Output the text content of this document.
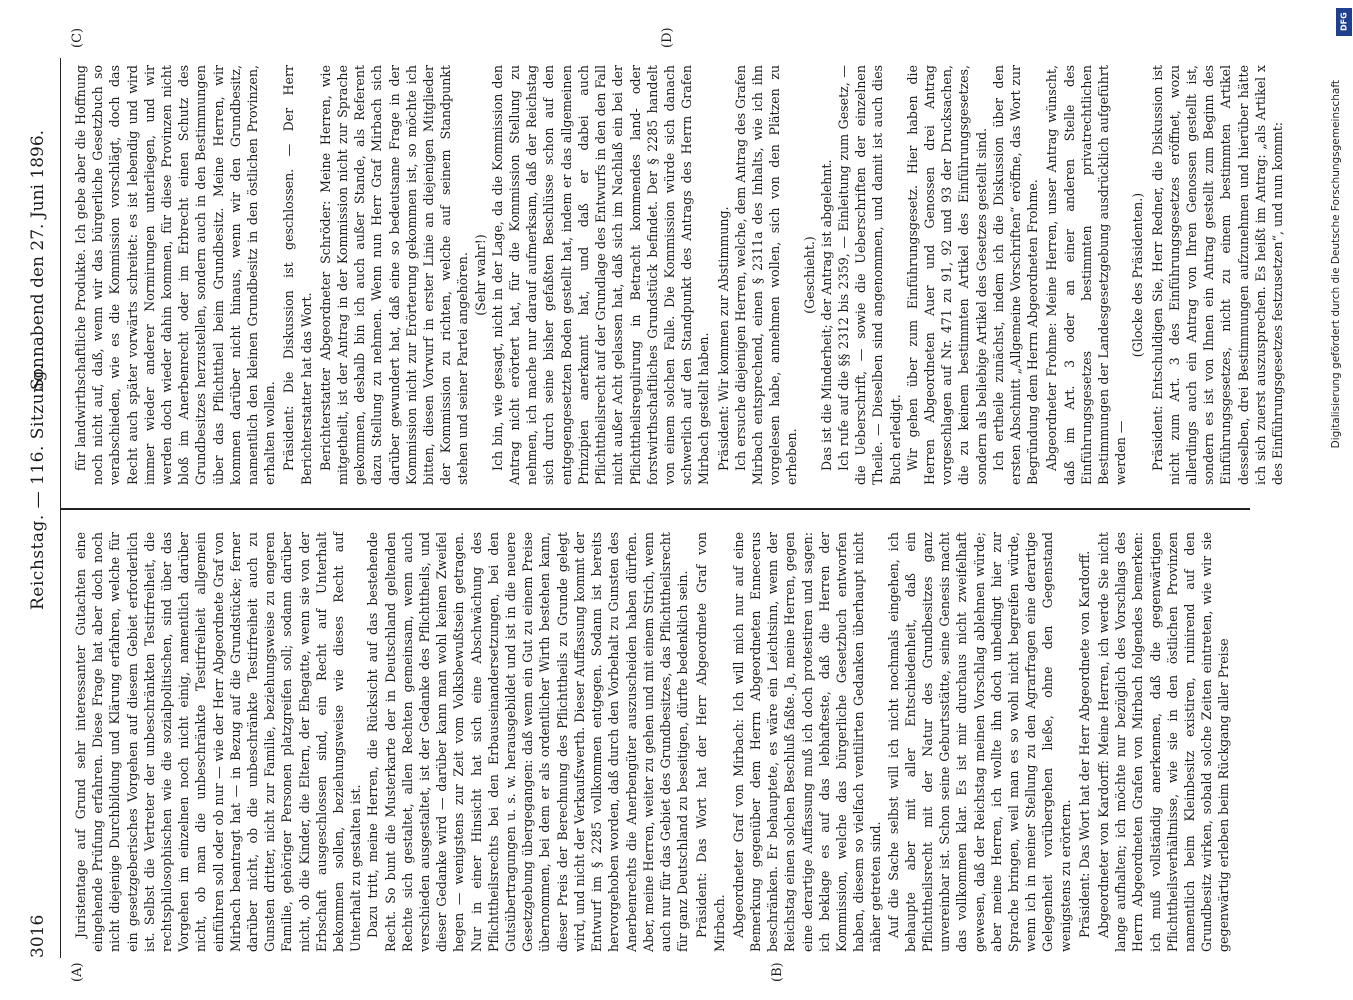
(A)	(B)
(C)	(D)
3016
Reichstag. — 116. Sitzung.
Sonnabend den 27. Juni 1896.

Juristentage auf Grund sehr interessanter Gutachten eine eingehende Prüfung erfahren. Diese Frage hat aber doch noch nicht diejenige Durchbildung und Klärung erfahren, welche für ein gesetzgeberisches Vorgehen auf diesem Gebiet erforderlich ist. Selbst die Vertreter der unbeschränkten Testirfreiheit, die rechtsphilosophischen wie die sozialpolitischen, sind über das Vorgehen im einzelnen noch nicht einig, namentlich darüber nicht, ob man die unbeschränkte Testirfreiheit allgemein einführen soll oder ob nur — wie der Herr Abgeordnete Graf von Mirbach beantragt hat — in Bezug auf die Grundstücke; ferner darüber nicht, ob die unbeschränkte Testirfreiheit auch zu Gunsten dritter, nicht zur Familie, beziehungsweise zu engeren Familie, gehöriger Personen platzgreifen soll; sodann darüber nicht, ob die Kinder, die Eltern, der Ehegatte, wenn sie von der Erbschaft ausgeschlossen sind, ein Recht auf Unterhalt bekommen sollen, beziehungsweise wie dieses Recht auf Unterhalt zu gestalten ist. Dazu tritt, meine Herren, die Rücksicht auf das bestehende Recht. So bunt die Musterkarte der in Deutschland geltenden Rechte sich gestaltet, allen Rechten gemeinsam, wenn auch verschieden ausgestaltet, ist der Gedanke des Pflichttheils, und dieser Gedanke wird — darüber kann man wohl keinen Zweifel hegen — wenigstens zur Zeit vom Volksbewußtsein getragen. Nur in einer Hinsicht hat sich eine Abschwächung des Pflichttheilsrechts bei den Erbauseinandersetzungen, bei den Gutsübertragungen u. s. w. herausgebildet und ist in die neuere Gesetzgebung übergegangen: daß wenn ein Gut zu einem Preise übernommen, bei dem er als ordentlicher Wirth bestehen kann, dieser Preis der Berechnung des Pflichttheils zu Grunde gelegt wird, und nicht der Verkaufswerth. Dieser Auffassung kommt der Entwurf im § 2285 vollkommen entgegen. Sodann ist bereits hervorgehoben worden, daß durch den Vorbehalt zu Gunsten des Anerbenrechts die Anerbengüter auszuscheiden haben dürften. Aber, meine Herren, weiter zu gehen und mit einem Strich, wenn auch nur für das Gebiet des Grundbesitzes, das Pflichttheilsrecht für ganz Deutschland zu beseitigen, dürfte bedenklich sein. Präsident: Das Wort hat der Herr Abgeordnete Graf von Mirbach. Abgeordneter Graf von Mirbach: Ich will mich nur auf eine Bemerkung gegenüber dem Herrn Abgeordneten Ennecerus beschränken. Er behauptete, es wäre ein Leichtsinn, wenn der Reichstag einen solchen Beschluß faßte. Ja, meine Herren, gegen eine derartige Auffassung muß ich doch protestiren und sagen: ich beklage es auf das lebhafteste, daß die Herren der Kommission, welche das bürgerliche Gesetzbuch entworfen haben, diesem so vielfach ventilirten Gedanken überhaupt nicht näher getreten sind. Auf die Sache selbst will ich nicht nochmals eingehen, ich behaupte aber mit aller Entschiedenheit, daß ein Pflichttheilsrecht mit der Natur des Grundbesitzes ganz unvereinbar ist. Schon seine Geburtsstätte, seine Genesis macht das vollkommen klar. Es ist mir durchaus nicht zweifelhaft gewesen, daß der Reichstag meinen Vorschlag ablehnen würde; aber meine Herren, ich wollte ihn doch unbedingt hier zur Sprache bringen, weil man es so wohl nicht begreifen würde, wenn ich in meiner Stellung zu den Agrarfragen eine derartige Gelegenheit vorübergehen ließe, ohne den Gegenstand wenigstens zu erörtern. Präsident: Das Wort hat der Herr Abgeordnete von Kardorff. Abgeordneter von Kardorff: Meine Herren, ich werde Sie nicht lange aufhalten; ich möchte nur bezüglich des Vorschlags des Herrn Abgeordneten Grafen von Mirbach folgendes bemerken: ich muß vollständig anerkennen, daß die gegenwärtigen Pflichttheilsverhältnisse, wie sie in den östlichen Provinzen namentlich beim Kleinbesitz existiren, ruinirend auf den Grundbesitz wirken, sobald solche Zeiten eintreten, wie wir sie gegenwärtig erleben beim Rückgang aller Preise

für landwirthschaftliche Produkte. Ich gebe aber die Hoffnung noch nicht auf, daß, wenn wir das bürgerliche Gesetzbuch so verabschieden, wie es die Kommission vorschlägt, doch das Recht auch später vorwärts schreitet: es ist lebendig und wird immer wieder anderer Normirungen unterliegen, und wir werden doch wieder dahin kommen, für diese Provinzen nicht bloß im Anerbenrecht oder im Erbrecht einen Schutz des Grundbesitzes herzustellen, sondern auch in den Bestimmungen über das Pflichttheil beim Grundbesitz. Meine Herren, wir kommen darüber nicht hinaus, wenn wir den Grundbesitz, namentlich den kleinen Grundbesitz in den östlichen Provinzen, erhalten wollen. Präsident: Die Diskussion ist geschlossen. — Der Herr Berichterstatter hat das Wort. Berichterstatter Abgeordneter Schröder: Meine Herren, wie mitgetheilt, ist der Antrag in der Kommission nicht zur Sprache gekommen, deshalb bin ich auch außer Stande, als Referent dazu Stellung zu nehmen. Wenn nun Herr Graf Mirbach sich darüber gewundert hat, daß eine so bedeutsame Frage in der Kommission nicht zur Erörterung gekommen ist, so möchte ich bitten, diesen Vorwurf in erster Linie an diejenigen Mitglieder der Kommission zu richten, welche auf seinem Standpunkt stehen und seiner Partei angehören. (Sehr wahr!) Ich bin, wie gesagt, nicht in der Lage, da die Kommission den Antrag nicht erörtert hat, für die Kommission Stellung zu nehmen, ich mache nur darauf aufmerksam, daß der Reichstag sich durch seine bisher gefaßten Beschlüsse schon auf den entgegengesetzten Boden gestellt hat, indem er das allgemeinen Prinzipien anerkannt hat, und daß er dabei auch Pflichttheilsrecht auf der Grundlage des Entwurfs in den den Fall nicht außer Acht gelassen hat, daß sich im Nachlaß ein bei der Pflichttheilsregulirung in Betracht kommendes land- oder forstwirthschaftliches Grundstück befindet. Der § 2285 handelt von einem solchen Falle. Die Kommission würde sich danach schwerlich auf den Standpunkt des Antrags des Herrn Grafen Mirbach gestellt haben. Präsident: Wir kommen zur Abstimmung. Ich ersuche diejenigen Herren, welche, dem Antrag des Grafen Mirbach entsprechend, einen § 2311a des Inhalts, wie ich ihn vorgelesen habe, annehmen wollen, sich von den Plätzen zu erheben.

(Geschieht.) Das ist die Minderheit; der Antrag ist abgelehnt. Ich rufe auf die §§ 2312 bis 2359, — Einleitung zum Gesetz, — die Ueberschrift, — sowie die Ueberschriften der einzelnen Theile. — Dieselben sind angenommen, und damit ist auch dies Buch erledigt. Wir gehen über zum Einführungsgesetz. Hier haben die Herren Abgeordneten Auer und Genossen drei Antrag vorgeschlagen auf Nr. 471 zu 91, 92 und 93 der Drucksachen, die zu keinem bestimmten Artikel des Einführungsgesetzes, sondern als beliebige Artikel des Gesetzes gestellt sind. Ich ertheile zunächst, indem ich die Diskussion über den ersten Abschnitt „Allgemeine Vorschriften“ eröffne, das Wort zur Begründung dem Herrn Abgeordneten Frohme. Abgeordneter Frohme: Meine Herren, unser Antrag wünscht, daß im Art. 3 oder an einer anderen Stelle des Einführungsgesetzes bestimmten privatrechtlichen Bestimmungen der Landesgesetzgebung ausdrücklich aufgeführt werden —

(Glocke des Präsidenten.) Präsident: Entschuldigen Sie, Herr Redner, die Diskussion ist nicht zum Art. 3 des Einführungsgesetzes eröffnet, wozu allerdings auch ein Antrag von Ihren Genossen gestellt ist, sondern es ist von Ihnen ein Antrag gestellt zum Beginn des Einführungsgesetzes, nicht zu einem bestimmten Artikel desselben, drei Bestimmungen aufzunehmen und hierüber hätte ich sich zuerst auszusprechen. Es heißt im Antrag: „als Artikel x des Einführungsgesetzes festzusetzen“, und nun kommt:	Digitalisierung gefördert durch die Deutsche Forschungsgemeinschaft
DFG
